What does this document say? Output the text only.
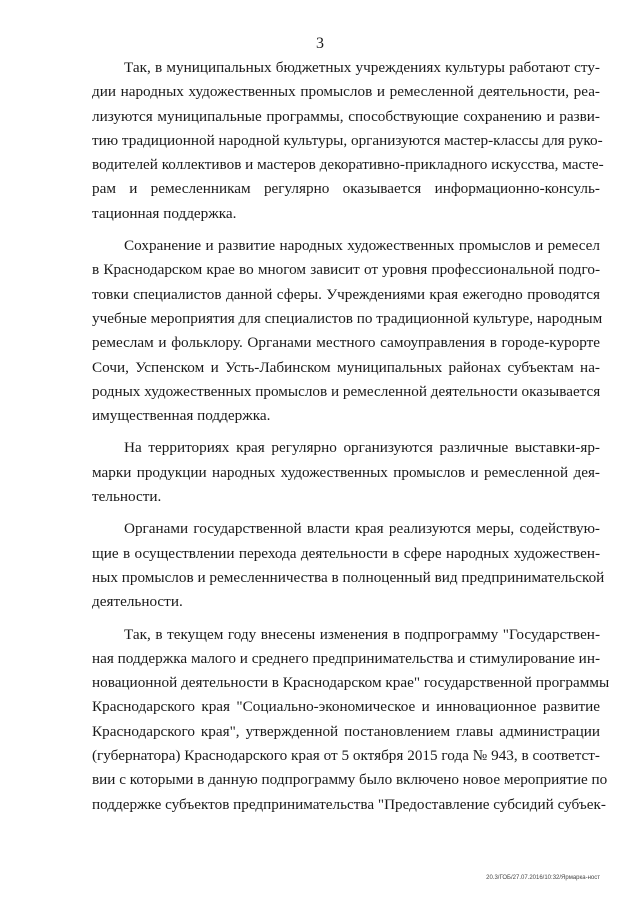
3
Так, в муниципальных бюджетных учреждениях культуры работают сту-
дии народных художественных промыслов и ремесленной деятельности, реа-
лизуются муниципальные программы, способствующие сохранению и разви-
тию традиционной народной культуры, организуются мастер-классы для руко-
водителей коллективов и мастеров декоративно-прикладного искусства, масте-
рам и ремесленникам регулярно оказывается информационно-консуль-
тационная поддержка.
Сохранение и развитие народных художественных промыслов и ремесел
в Краснодарском крае во многом зависит от уровня профессиональной подго-
товки специалистов данной сферы. Учреждениями края ежегодно проводятся
учебные мероприятия для специалистов по традиционной культуре, народным
ремеслам и фольклору. Органами местного самоуправления в городе-курорте
Сочи, Успенском и Усть-Лабинском муниципальных районах субъектам на-
родных художественных промыслов и ремесленной деятельности оказывается
имущественная поддержка.
На территориях края регулярно организуются различные выставки-яр-
марки продукции народных художественных промыслов и ремесленной дея-
тельности.
Органами государственной власти края реализуются меры, содействую-
щие в осуществлении перехода деятельности в сфере народных художествен-
ных промыслов и ремесленничества в полноценный вид предпринимательской
деятельности.
Так, в текущем году внесены изменения в подпрограмму "Государствен-
ная поддержка малого и среднего предпринимательства и стимулирование ин-
новационной деятельности в Краснодарском крае" государственной программы
Краснодарского края "Социально-экономическое и инновационное развитие
Краснодарского края", утвержденной постановлением главы администрации
(губернатора) Краснодарского края от 5 октября 2015 года № 943, в соответст-
вии с которыми в данную подпрограмму было включено новое мероприятие по
поддержке субъектов предпринимательства "Предоставление субсидий субъек-
20.3/ГОБ/27.07.2016/10:32/Ярмарка-ност
